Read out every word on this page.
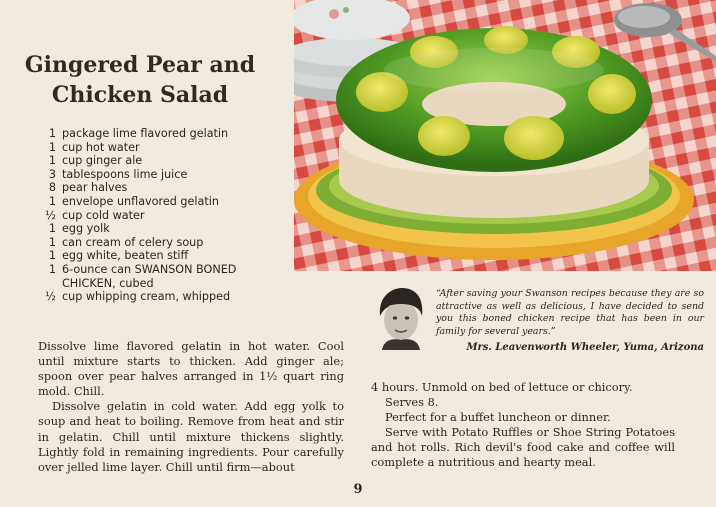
Gingered Pear and
Chicken Salad
1 package lime flavored gelatin
1 cup hot water
1 cup ginger ale
3 tablespoons lime juice
8 pear halves
1 envelope unflavored gelatin
½ cup cold water
1 egg yolk
1 can cream of celery soup
1 egg white, beaten stiff
1 6-ounce can SWANSON BONED
CHICKEN, cubed
½ cup whipping cream, whipped	“After saving your Swanson recipes because they are so attractive as well as delicious, I have decided to send you this boned chicken recipe that has been in our family for several years.”
Mrs. Leavenworth Wheeler, Yuma, Arizona

Dissolve lime flavored gelatin in hot water. Cool until mixture starts to thicken. Add ginger ale; spoon over pear halves arranged in 1½ quart ring mold. Chill.

Dissolve gelatin in cold water. Add egg yolk to soup and heat to boiling. Remove from heat and stir in gelatin. Chill until mixture thickens slightly. Lightly fold in remaining ingredients. Pour carefully over jelled lime layer. Chill until firm—about

4 hours. Unmold on bed of lettuce or chicory.

Serves 8.

Perfect for a buffet luncheon or dinner.

Serve with Potato Ruffles or Shoe String Potatoes and hot rolls. Rich devil's food cake and coffee will complete a nutritious and hearty meal.

9
